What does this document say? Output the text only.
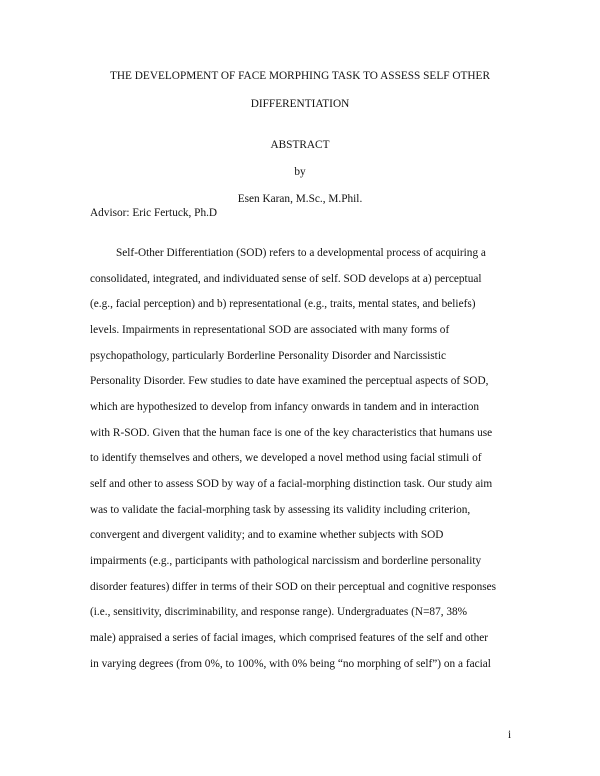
THE DEVELOPMENT OF FACE MORPHING TASK TO ASSESS SELF OTHER
DIFFERENTIATION
ABSTRACT
by
Esen Karan, M.Sc., M.Phil.
Advisor: Eric Fertuck, Ph.D
Self-Other Differentiation (SOD) refers to a developmental process of acquiring a
consolidated, integrated, and individuated sense of self. SOD develops at a) perceptual
(e.g., facial perception) and b) representational (e.g., traits, mental states, and beliefs)
levels. Impairments in representational SOD are associated with many forms of
psychopathology, particularly Borderline Personality Disorder and Narcissistic
Personality Disorder. Few studies to date have examined the perceptual aspects of SOD,
which are hypothesized to develop from infancy onwards in tandem and in interaction
with R-SOD. Given that the human face is one of the key characteristics that humans use
to identify themselves and others, we developed a novel method using facial stimuli of
self and other to assess SOD by way of a facial-morphing distinction task. Our study aim
was to validate the facial-morphing task by assessing its validity including criterion,
convergent and divergent validity; and to examine whether subjects with SOD
impairments (e.g., participants with pathological narcissism and borderline personality
disorder features) differ in terms of their SOD on their perceptual and cognitive responses
(i.e., sensitivity, discriminability, and response range). Undergraduates (N=87, 38%
male) appraised a series of facial images, which comprised features of the self and other
in varying degrees (from 0%, to 100%, with 0% being “no morphing of self”) on a facial
i
